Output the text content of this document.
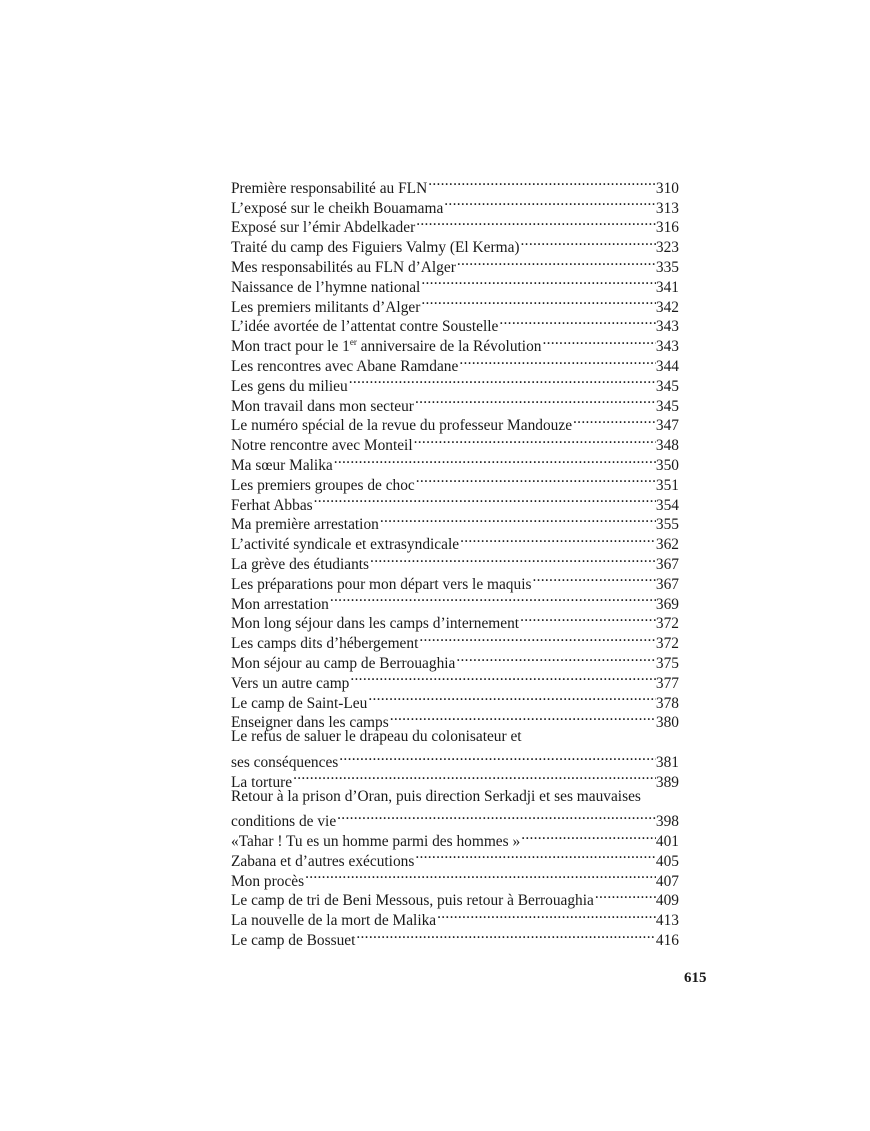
Première responsabilité au FLN .....	310
L’exposé sur le cheikh Bouamama .....	313
Exposé sur l’émir Abdelkader .....	316
Traité du camp des Figuiers Valmy (El Kerma) .....	323
Mes responsabilités au FLN d’Alger .....	335
Naissance de l’hymne national .....	341
Les premiers militants d’Alger .....	342
L’idée avortée de l’attentat contre Soustelle .....	343
Mon tract pour le 1er anniversaire de la Révolution .....	343
Les rencontres avec Abane Ramdane .....	344
Les gens du milieu .....	345
Mon travail dans mon secteur .....	345
Le numéro spécial de la revue du professeur Mandouze .....	347
Notre rencontre avec Monteil .....	348
Ma sœur Malika .....	350
Les premiers groupes de choc .....	351
Ferhat Abbas .....	354
Ma première arrestation .....	355
L’activité syndicale et extrasyndicale .....	362
La grève des étudiants .....	367
Les préparations pour mon départ vers le maquis .....	367
Mon arrestation .....	369
Mon long séjour dans les camps d’internement .....	372
Les camps dits d’hébergement .....	372
Mon séjour au camp de Berrouaghia .....	375
Vers un autre camp .....	377
Le camp de Saint-Leu .....	378
Enseigner dans les camps .....	380
Le refus de saluer le drapeau du colonisateur et
ses conséquences .....	381
La torture .....	389
Retour à la prison d’Oran, puis direction Serkadji et ses mauvaises
conditions de vie .....	398
«Tahar ! Tu es un homme parmi des hommes » .....	401
Zabana et d’autres exécutions .....	405
Mon procès .....	407
Le camp de tri de Beni Messous, puis retour à Berrouaghia .....	409
La nouvelle de la mort de Malika .....	413
Le camp de Bossuet .....	416
615
